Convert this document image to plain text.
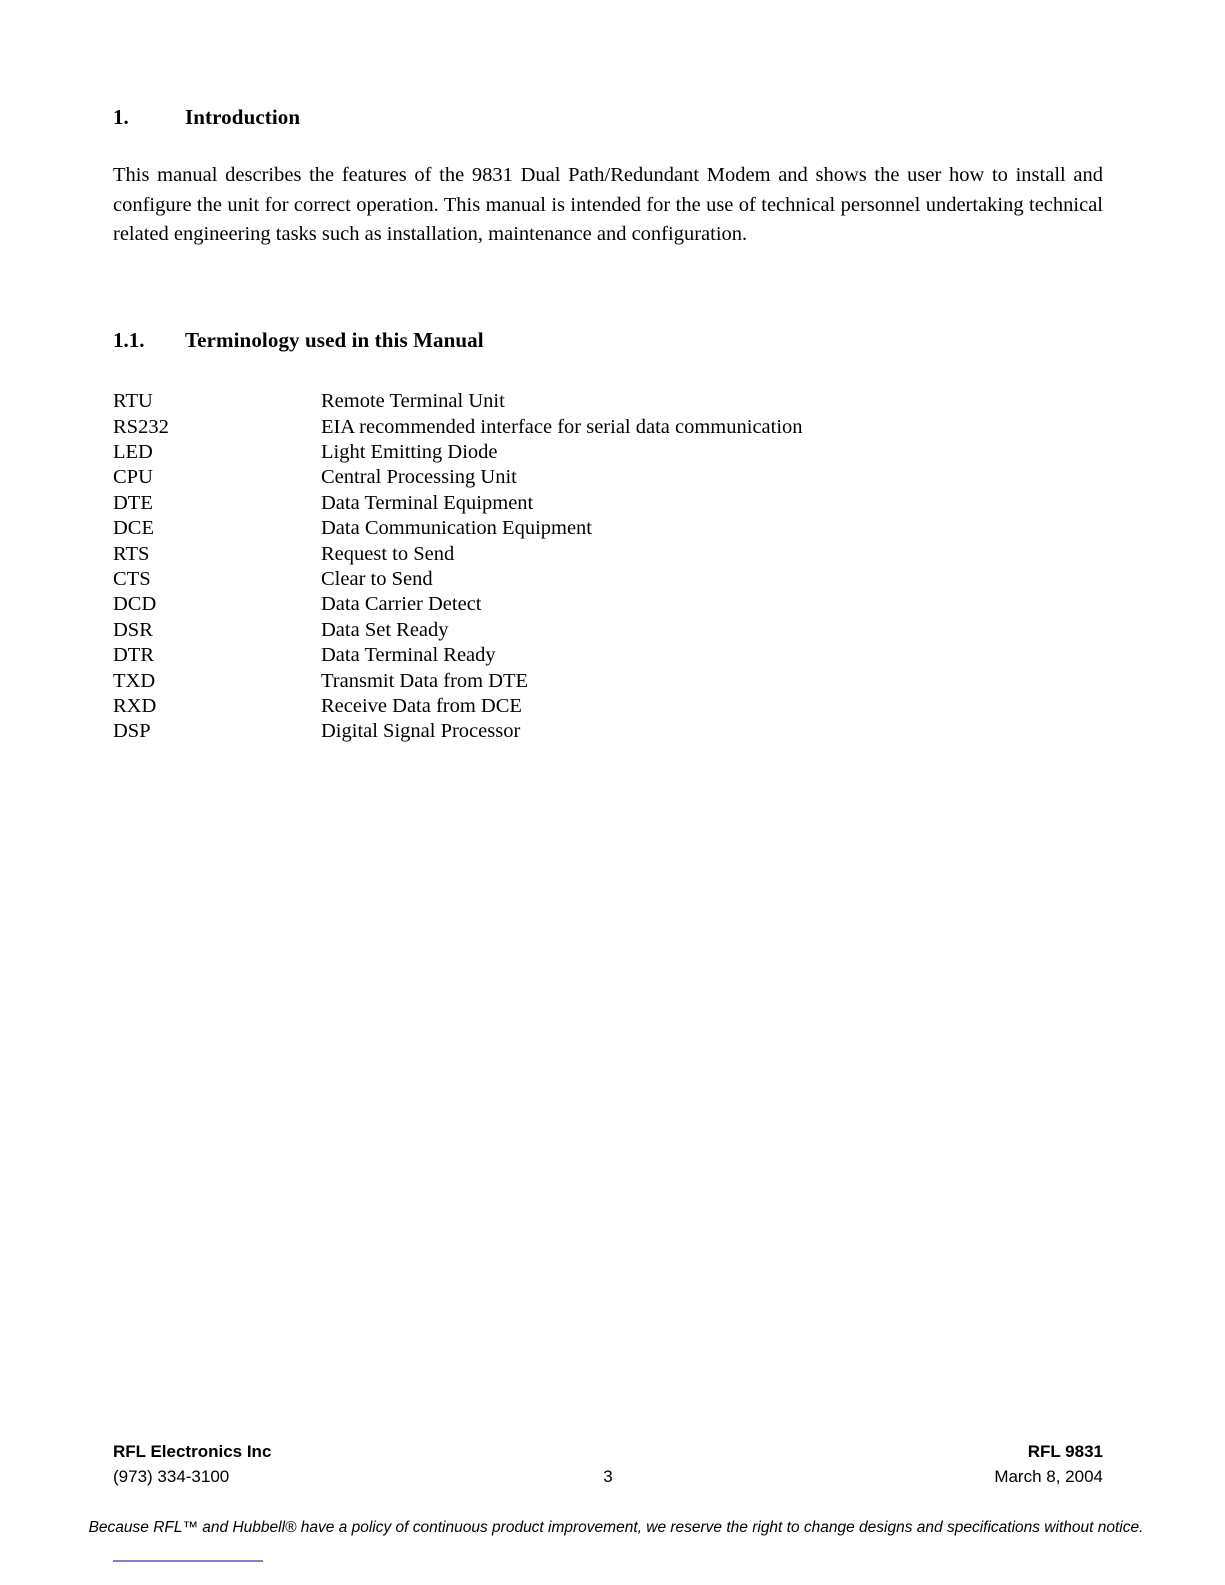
1.	Introduction

This manual describes the features of the 9831 Dual Path/Redundant Modem and shows the user how to install and configure the unit for correct operation. This manual is intended for the use of technical personnel undertaking technical related engineering tasks such as installation, maintenance and configuration.

1.1.	Terminology used in this Manual
RTU	Remote Terminal Unit
RS232	EIA recommended interface for serial data communication
LED	Light Emitting Diode
CPU	Central Processing Unit
DTE	Data Terminal Equipment
DCE	Data Communication Equipment
RTS	Request to Send
CTS	Clear to Send
DCD	Data Carrier Detect
DSR	Data Set Ready
DTR	Data Terminal Ready
TXD	Transmit Data from DTE
RXD	Receive Data from DCE
DSP	Digital Signal Processor
RFL Electronics Inc	RFL 9831
(973) 334-3100	3	March 8, 2004
Because RFL™ and Hubbell® have a policy of continuous product improvement, we reserve the right to change designs and specifications without notice.
